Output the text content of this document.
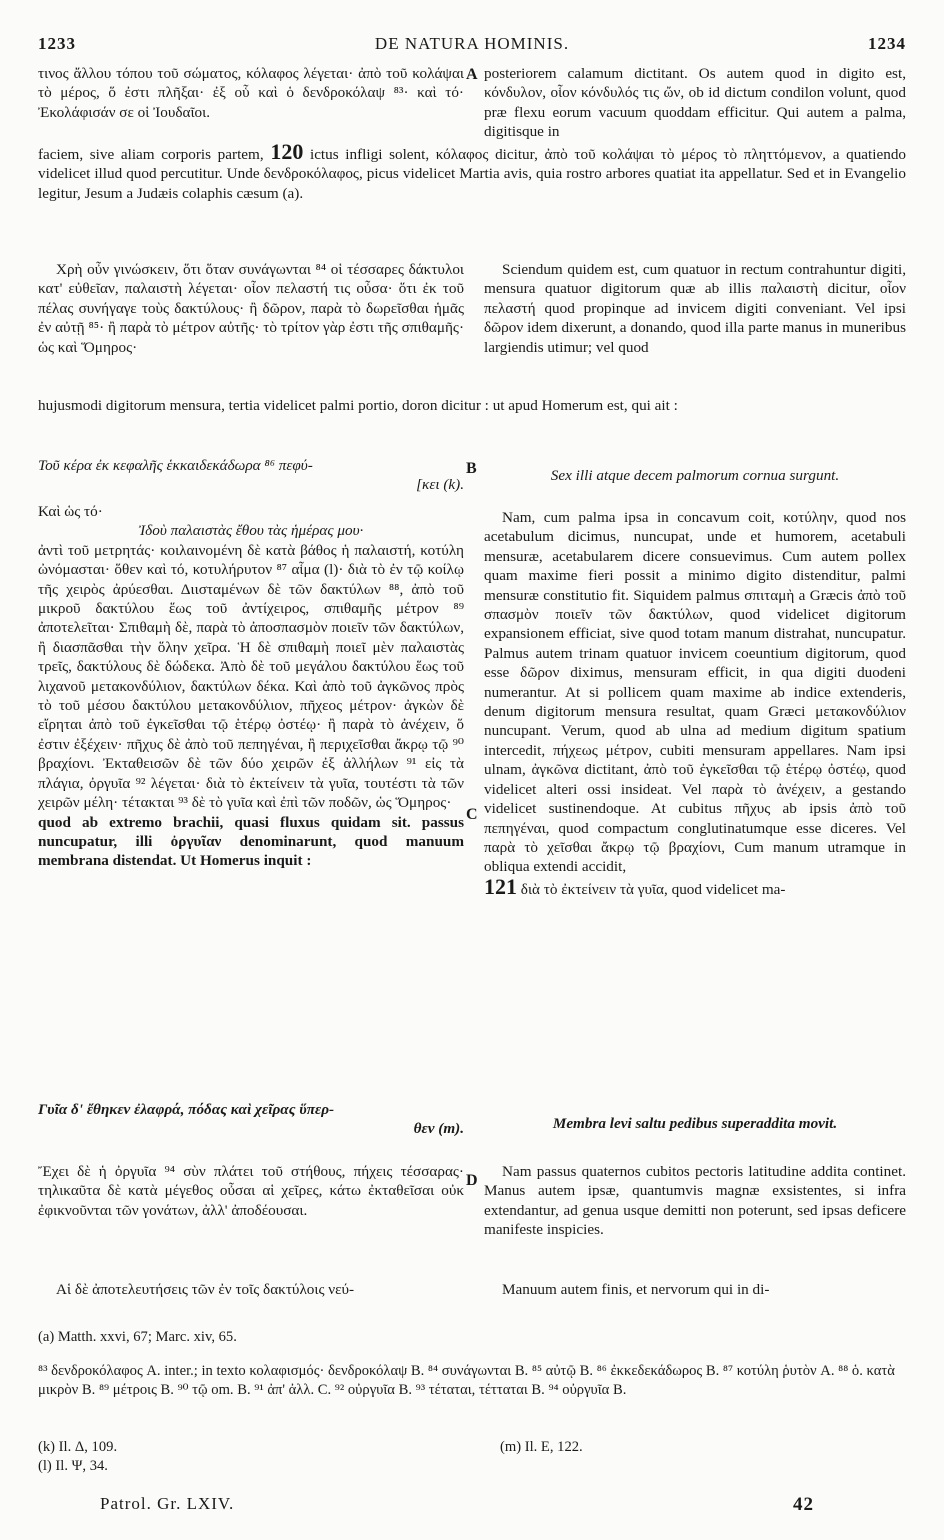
1233	DE NATURA HOMINIS.	1234

τινος ἄλλου τόπου τοῦ σώματος, κόλαφος λέγεται· ἀπὸ τοῦ κολάψαι τὸ μέρος, ὅ ἐστι πλῆξαι· ἐξ οὗ καὶ ὁ δενδροκόλαψ ⁸³· καὶ τό· Ἐκολάφισάν σε οἱ Ἰουδαῖοι.

A posteriorem calamum dictitant. Os autem quod in digito est, κόνδυλον, οἷον κόνδυλός τις ὤν, ob id dictum condilon volunt, quod præ flexu eorum vacuum quoddam efficitur. Qui autem a palma, digitisque in

faciem, sive aliam corporis partem, 120 ictus infligi solent, κόλαφος dicitur, ἀπὸ τοῦ κολάψαι τὸ μέρος τὸ πληττόμενον, a quatiendo videlicet illud quod percutitur. Unde δενδροκόλαφος, picus videlicet Martia avis, quia rostro arbores quatiat ita appellatur. Sed et in Evangelio legitur, Jesum a Judæis colaphis cæsum (a).

Χρὴ οὖν γινώσκειν, ὅτι ὅταν συνάγωνται ⁸⁴ οἱ τέσσαρες δάκτυλοι κατ' εὐθεῖαν, παλαιστὴ λέγεται· οἷον πελαστή τις οὖσα· ὅτι ἐκ τοῦ πέλας συνήγαγε τοὺς δακτύλους· ἢ δῶρον, παρὰ τὸ δωρεῖσθαι ἡμᾶς ἐν αὐτῇ ⁸⁵· ἢ παρὰ τὸ μέτρον αὐτῆς· τὸ τρίτον γὰρ ἐστι τῆς σπιθαμῆς· ὡς καὶ Ὅμηρος·

Sciendum quidem est, cum quatuor in rectum contrahuntur digiti, mensura quatuor digitorum quæ ab illis παλαιστὴ dicitur, οἷον πελαστή quod propinque ad invicem digiti conveniant. Vel ipsi δῶρον idem dixerunt, a donando, quod illa parte manus in muneribus largiendis utimur; vel quod

hujusmodi digitorum mensura, tertia videlicet palmi portio, doron dicitur : ut apud Homerum est, qui ait :

Τοῦ κέρα ἐκ κεφαλῆς ἑκκαιδεκάδωρα ⁸⁶ πεφύ-

[κει (k).

B	Sex illi atque decem palmorum cornua surgunt.

Καὶ ὡς τό·

Ἰδοὺ παλαιστὰς ἔθου τὰς ἡμέρας μου·

ἀντὶ τοῦ μετρητάς· κοιλαινομένη δὲ κατὰ βάθος ἡ παλαιστή, κοτύλη ὠνόμασται· ὅθεν καὶ τό, κοτυλήρυτον ⁸⁷ αἷμα (l)· διὰ τὸ ἐν τῷ κοίλῳ τῆς χειρὸς ἀρύεσθαι. Διισταμένων δὲ τῶν δακτύλων ⁸⁸, ἀπὸ τοῦ μικροῦ δακτύλου ἕως τοῦ ἀντίχειρος, σπιθαμῆς μέτρον ⁸⁹ ἀποτελεῖται· Σπιθαμὴ δὲ, παρὰ τὸ ἀποσπασμὸν ποιεῖν τῶν δακτύλων, ἢ διασπᾶσθαι τὴν ὅλην χεῖρα. Ἡ δὲ σπιθαμὴ ποιεῖ μὲν παλαιστὰς τρεῖς, δακτύλους δὲ δώδεκα. Ἀπὸ δὲ τοῦ μεγάλου δακτύλου ἕως τοῦ λιχανοῦ μετακονδύλιον, δακτύλων δέκα. Καὶ ἀπὸ τοῦ ἀγκῶνος πρὸς τὸ τοῦ μέσου δακτύλου μετακονδύλιον, πῆχεος μέτρον· ἀγκὼν δὲ εἴρηται ἀπὸ τοῦ ἐγκεῖσθαι τῷ ἑτέρῳ ὀστέῳ· ἢ παρὰ τὸ ἀνέχειν, ὅ ἐστιν ἐξέχειν· πῆχυς δὲ ἀπὸ τοῦ πεπηγέναι, ἢ περιχεῖσθαι ἄκρῳ τῷ ⁹⁰ βραχίονι. Ἐκταθεισῶν δὲ τῶν δύο χειρῶν ἐξ ἀλλήλων ⁹¹ εἰς τὰ πλάγια, ὀργυῖα ⁹² λέγεται· διὰ τὸ ἐκτείνειν τὰ γυῖα, τουτέστι τὰ τῶν χειρῶν μέλη· τέτακται ⁹³ δὲ τὸ γυῖα καὶ ἐπὶ τῶν ποδῶν, ὡς Ὅμηρος·

quod ab extremo brachii, quasi fluxus quidam sit. passus nuncupatur, illi ὀργυῖαν denominarunt, quod manuum membrana distendat. Ut Homerus inquit :

C

Nam, cum palma ipsa in concavum coit, κοτύλην, quod nos acetabulum dicimus, nuncupat, unde et humorem, acetabuli mensuræ, acetabularem dicere consuevimus. Cum autem pollex quam maxime fieri possit a minimo digito distenditur, palmi mensuræ constitutio fit. Siquidem palmus σπιταμὴ a Græcis ἀπὸ τοῦ σπασμὸν ποιεῖν τῶν δακτύλων, quod videlicet digitorum expansionem efficiat, sive quod totam manum distrahat, nuncupatur. Palmus autem trinam quatuor invicem coeuntium digitorum, quod esse δῶρον diximus, mensuram efficit, in qua digiti duodeni numerantur. At si pollicem quam maxime ab indice extenderis, denum digitorum mensura resultat, quam Græci μετακονδύλιον nuncupant. Verum, quod ab ulna ad medium digitum spatium intercedit, πήχεως μέτρον, cubiti mensuram appellares. Nam ipsi ulnam, ἀγκῶνα dictitant, ἀπὸ τοῦ ἐγκεῖσθαι τῷ ἑτέρῳ ὀστέῳ, quod videlicet alteri ossi insideat. Vel παρὰ τὸ ἀνέχειν, a gestando videlicet sustinendoque. At cubitus πῆχυς ab ipsis ἀπὸ τοῦ πεπηγέναι, quod compactum conglutinatumque esse diceres. Vel παρὰ τὸ χεῖσθαι ἄκρῳ τῷ βραχίονι, Cum manum utramque in obliqua extendi accidit,

121 διὰ τὸ ἐκτείνειν τὰ γυῖα, quod videlicet ma-

Γυῖα δ' ἔθηκεν ἐλαφρά, πόδας καὶ χεῖρας ὕπερ-

θεν (m).	Membra levi saltu pedibus superaddita movit.

D

Ἔχει δὲ ἡ ὀργυῖα ⁹⁴ σὺν πλάτει τοῦ στήθους, πήχεις τέσσαρας· τηλικαῦτα δὲ κατὰ μέγεθος οὖσαι αἱ χεῖρες, κάτω ἐκταθεῖσαι οὐκ ἐφικνοῦνται τῶν γονάτων, ἀλλ' ἀποδέουσαι.

Nam passus quaternos cubitos pectoris latitudine addita continet. Manus autem ipsæ, quantumvis magnæ exsistentes, si infra extendantur, ad genua usque demitti non poterunt, sed ipsas deficere manifeste inspicies.

Αἱ δὲ ἀποτελευτήσεις τῶν ἐν τοῖς δακτύλοις νεύ-	Manuum autem finis, et nervorum qui in di-

(a) Matth. xxvi, 67; Marc. xiv, 65.
⁸³ δενδροκόλαφος A. inter.; in texto κολαφισμός· δενδροκόλαψ B. ⁸⁴ συνάγωνται B. ⁸⁵ αὐτῷ B. ⁸⁶ ἐκκεδεκάδωρος B. ⁸⁷ κοτύλη ῥυτὸν A. ⁸⁸ ὁ. κατὰ μικρὸν B. ⁸⁹ μέτροις B. ⁹⁰ τῷ om. B. ⁹¹ ἀπ' ἀλλ. C. ⁹² οὐργυῖα B. ⁹³ τέταται, τέτταται B. ⁹⁴ οὐργυῖα B.
(k) Il. Δ, 109.
(l) Il. Ψ, 34.
(m) Il. E, 122.
Patrol. Gr. LXIV.	42
